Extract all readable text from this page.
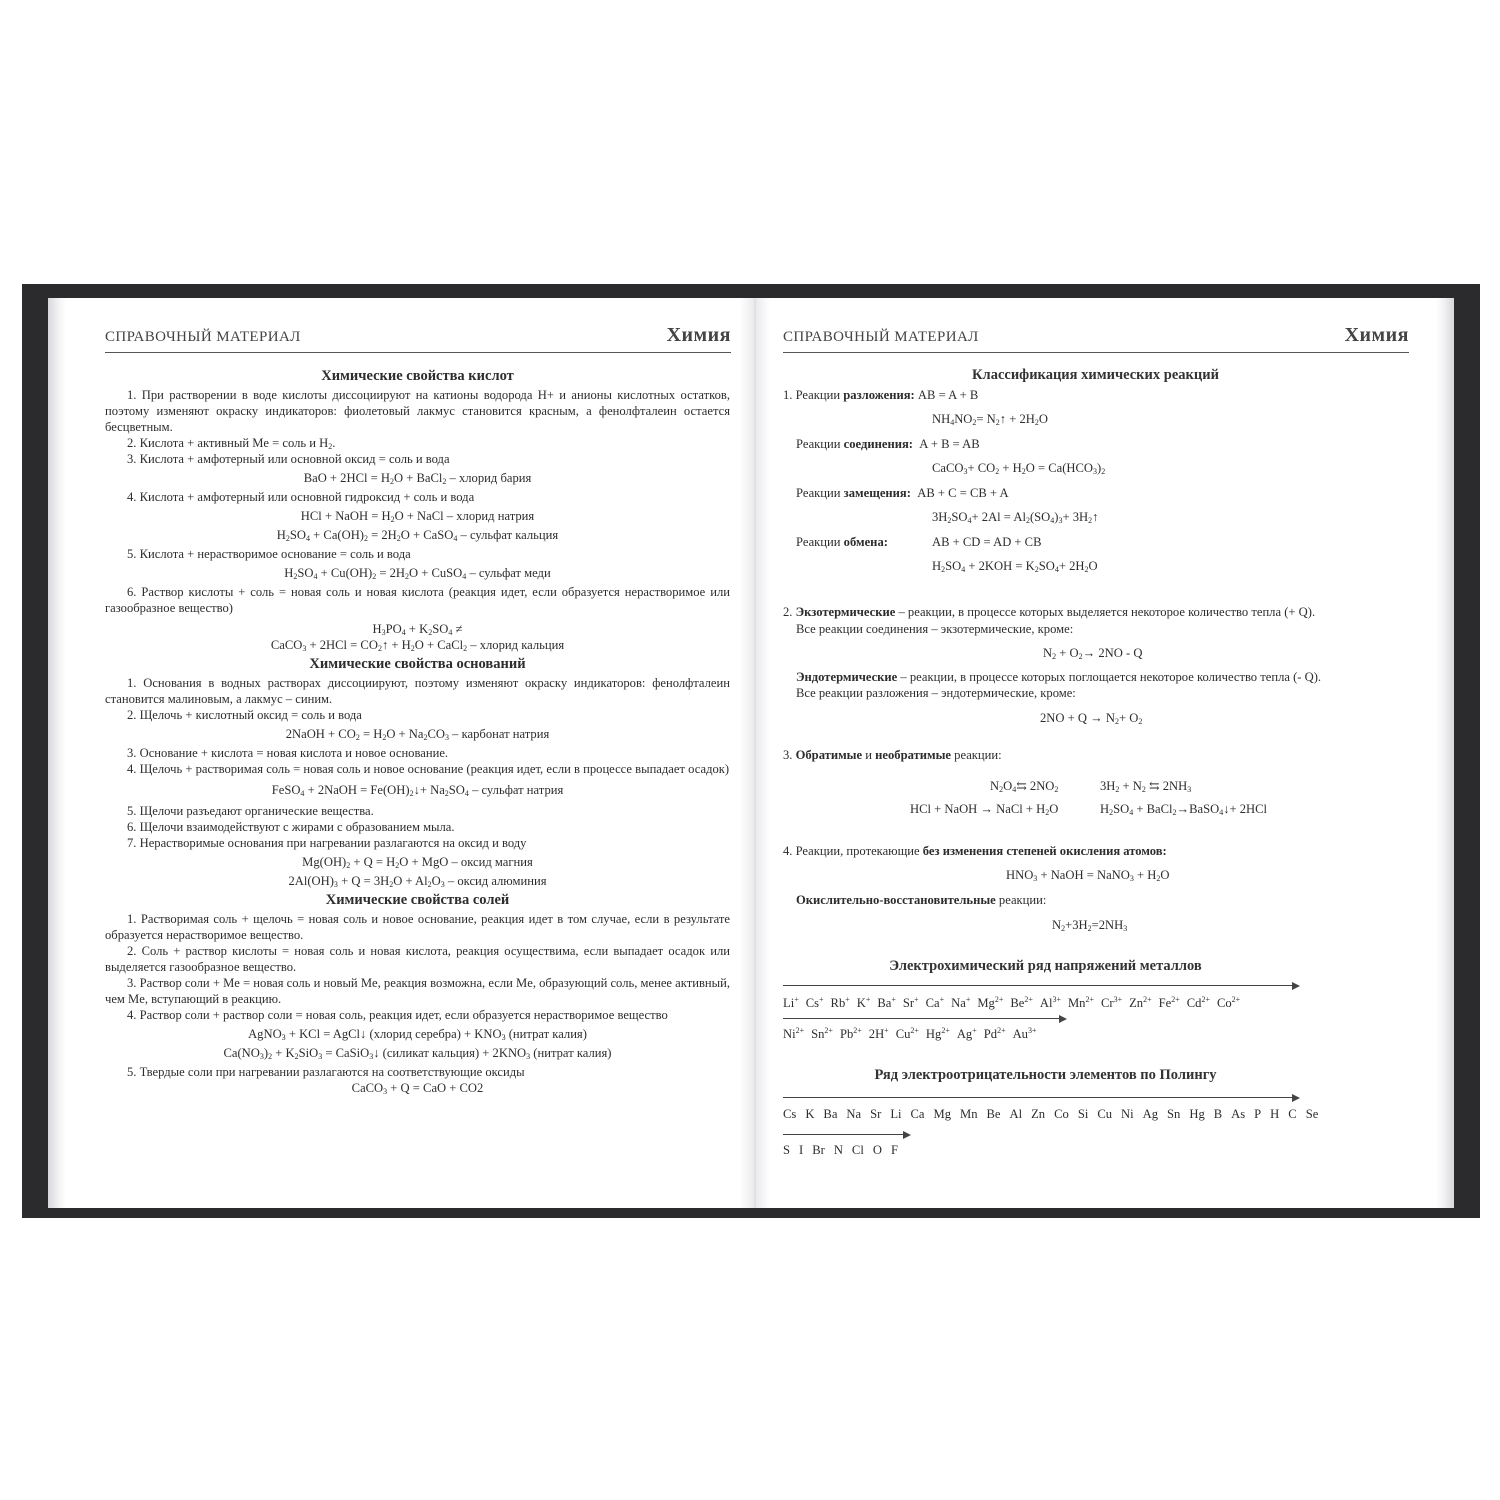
СПРАВОЧНЫЙ МАТЕРИАЛ	Химия

Химические свойства кислот

1. При растворении в воде кислоты диссоциируют на катионы водорода H+ и анионы кислотных остатков, поэтому изменяют окраску индикаторов: фиолетовый лакмус становится красным, а фенолфталеин остается бесцветным.

2. Кислота + активный Me = соль и $H_2$.

3. Кислота + амфотерный или основной оксид = соль и вода

BaO + $2HCl = H_2O$ + BaCl$_2$ – хлорид бария

4. Кислота + амфотерный или основной гидроксид + соль и вода

HCl + NaOH = $H_2O$ + NaCl – хлорид натрия

$H_2SO_4 + Ca(OH)_2 = 2H_2O$ + CaSO$_4$ – сульфат кальция

5. Кислота + нерастворимое основание = соль и вода

$H_2SO_4 + Cu(OH)_2 = 2H_2O$ + CuSO$_4$ – сульфат меди

6. Раствор кислоты + соль = новая соль и новая кислота (реакция идет, если образуется нерастворимое или газообразное вещество)

$H_3PO_4 + K_2SO_4$ ≠

CaCO$_3$ + $2HCl = CO_2↑ + H_2O$ + CaCl$_2$ – хлорид кальция

Химические свойства оснований

1. Основания в водных растворах диссоциируют, поэтому изменяют окраску индикаторов: фенолфталеин становится малиновым, а лакмус – синим.

2. Щелочь + кислотный оксид = соль и вода

2NaOH + $CO_2 = H_2O + Na_2CO_3$ – карбонат натрия

3. Основание + кислота = новая кислота и новое основание.

4. Щелочь + растворимая соль = новая соль и новое основание (реакция идет, если в процессе выпадает осадок)

FeSO$_4$ + 2NaOH = $Fe(OH)_2↓+ Na_2SO_4$ – сульфат натрия

5. Щелочи разъедают органические вещества.

6. Щелочи взаимодействуют с жирами с образованием мыла.

7. Нерастворимые основания при нагревании разлагаются на оксид и воду

$Mg(OH)_2 + Q = H_2O$ + MgO – оксид магния

$2Al(OH)_3 + Q = 3H_2O + Al_2O_3$ – оксид алюминия

Химические свойства солей

1. Растворимая соль + щелочь = новая соль и новое основание, реакция идет в том случае, если в результате образуется нерастворимое вещество.

2. Соль + раствор кислоты = новая соль и новая кислота, реакция осуществима, если выпадает осадок или выделяется газообразное вещество.

3. Раствор соли + Me = новая соль и новый Me, реакция возможна, если Me, образующий соль, менее активный, чем Me, вступающий в реакцию.

4. Раствор соли + раствор соли = новая соль, реакция идет, если образуется нерастворимое вещество

AgNO$_3$ + KCl = AgCl↓ (хлорид серебра) + $KNO_3$ (нитрат калия)

$Ca(NO_3)_2 + K_2SiO_3$ = CaSiO$_3$↓ (силикат кальция) + $2KNO_3$ (нитрат калия)

5. Твердые соли при нагревании разлагаются на соответствующие оксиды

CaCO$_3$ + Q = CaO + CO2

СПРАВОЧНЫЙ МАТЕРИАЛ	Химия
Классификация химических реакций
1. Реакции разложения: AB = A + B
$NH_4NO_2=$ $N_2↑ + 2H_2O$
Реакции соединения: A + B = AB
CaCO$_3$+ $CO_2 + H_2O = Ca(HCO_3)_2$
Реакции замещения: AB + C = CB + A
$3H_2SO_4+ 2Al = Al_2(SO_4)_3+$ $3H_2↑$
Реакции обмена:	AB + CD = AD + CB
$H_2SO_4 + 2KOH = K_2SO_4+ 2H_2O$
2. Экзотермические – реакции, в процессе которых выделяется некоторое количество тепла (+ Q).
Все реакции соединения – экзотермические, кроме:
$N_2 + O_2\to 2NO - Q$
Эндотермические – реакции, в процессе которых поглощается некоторое количество тепла (- Q).
Все реакции разложения – эндотермические, кроме:
$2NO + Q \to N_2+ O_2$
3. Обратимые и необратимые реакции:
$N_2O_4⇆$ $2NO_2$	$3H_2 + N_2$ ⇆ $2NH_3$
HCl + NaOH → NaCl + $H_2O$	$H_2SO_4$ + BaCl$_2$→BaSO$_4$↓+ 2HCl
4. Реакции, протекающие без изменения степеней окисления атомов:
$HNO_3$ + NaOH = NaNO$_3$ + $H_2O$
Окислительно-восстановительные реакции:
$N_2+3H_2=2NH_3$
Электрохимический ряд напряжений металлов
Li+ Cs+ Rb+ K+ Ba+ Sr+ Ca+ Na+ $Mg^{2+}$ $Be^{2+}$ $Al^{3+}$ $Mn^{2+}$ $Cr^{3+}$ $Zn^{2+}$ $Fe^{2+}$ $Cd^{2+}$ $Co^{2+}$
$Ni^{2+}$ $Sn^{2+}$ $Pb^{2+}$ 2H+ $Cu^{2+}$ $Hg^{2+}$ Ag+ $Pd^{2+}$ $Au^{3+}$
Ряд электроотрицательности элементов по Полингу
Cs K Ba Na Sr Li Ca Mg Mn Be Al Zn Co Si Cu Ni Ag Sn Hg B As P H C Se
S I Br N Cl O F
